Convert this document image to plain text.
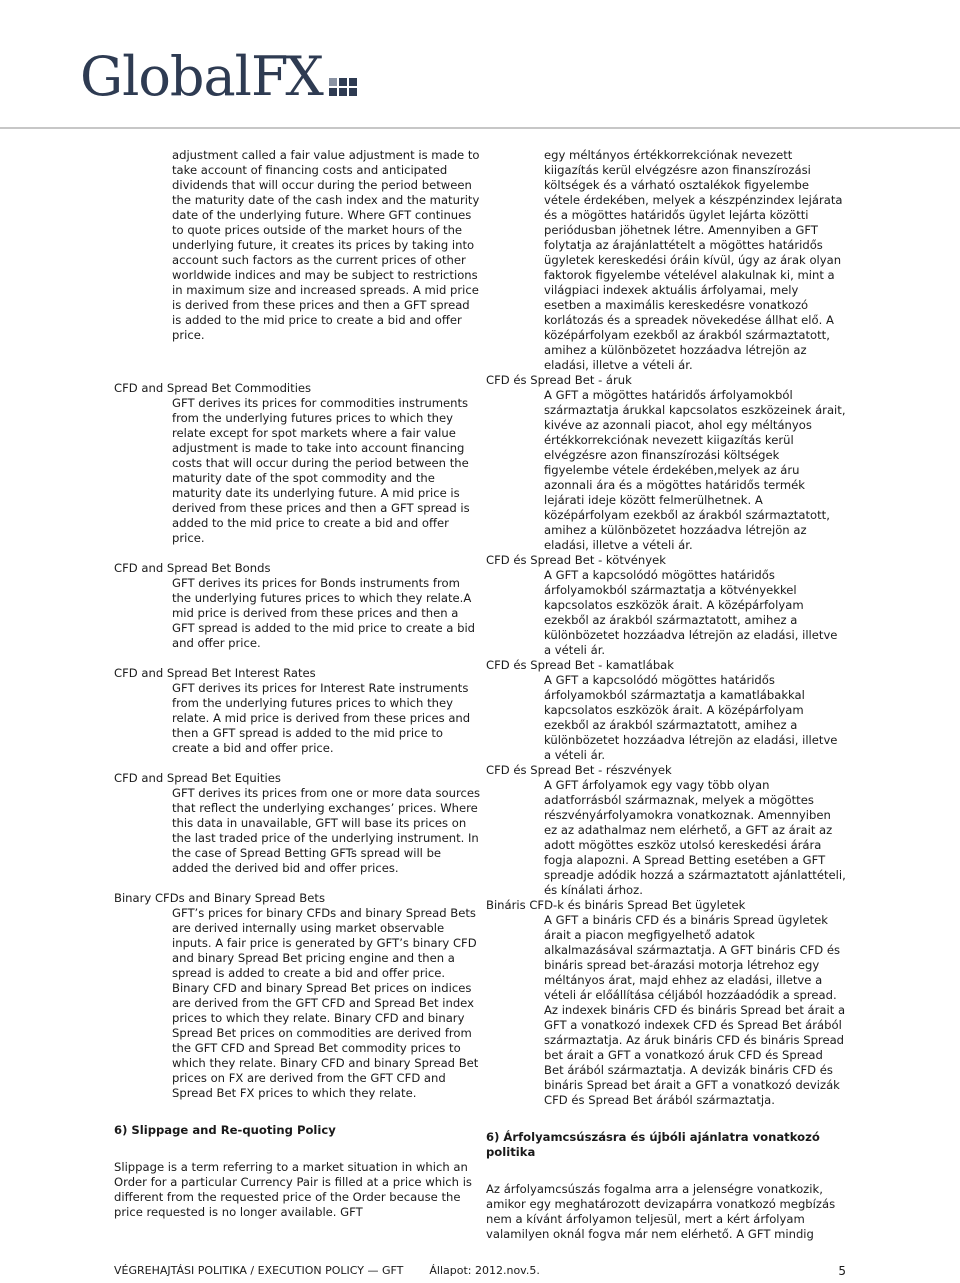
Global FX

adjustment called a fair value adjustment is made to take account of financing costs and anticipated dividends that will occur during the period between the maturity date of the cash index and the maturity date of the underlying future. Where GFT continues to quote prices outside of the market hours of the underlying future, it creates its prices by taking into account such factors as the current prices of other worldwide indices and may be subject to restrictions in maximum size and increased spreads. A mid price is derived from these prices and then a GFT spread is added to the mid price to create a bid and offer price.

CFD and Spread Bet Commodities

GFT derives its prices for commodities instruments from the underlying futures prices to which they relate except for spot markets where a fair value adjustment is made to take into account financing costs that will occur during the period between the maturity date of the spot commodity and the maturity date its underlying future. A mid price is derived from these prices and then a GFT spread is added to the mid price to create a bid and offer price.

CFD and Spread Bet Bonds

GFT derives its prices for Bonds instruments from the underlying futures prices to which they relate.A mid price is derived from these prices and then a GFT spread is added to the mid price to create a bid and offer price.

CFD and Spread Bet Interest Rates

GFT derives its prices for Interest Rate instruments from the underlying futures prices to which they relate. A mid price is derived from these prices and then a GFT spread is added to the mid price to create a bid and offer price.

CFD and Spread Bet Equities

GFT derives its prices from one or more data sources that reflect the underlying exchanges’ prices. Where this data in unavailable, GFT will base its prices on the last traded price of the underlying instrument. In the case of Spread Betting GFTs spread will be added the derived bid and offer prices.

Binary CFDs and Binary Spread Bets

GFT’s prices for binary CFDs and binary Spread Bets are derived internally using market observable inputs. A fair price is generated by GFT’s binary CFD and binary Spread Bet pricing engine and then a spread is added to create a bid and offer price. Binary CFD and binary Spread Bet prices on indices are derived from the GFT CFD and Spread Bet index prices to which they relate. Binary CFD and binary Spread Bet prices on commodities are derived from the GFT CFD and Spread Bet commodity prices to which they relate. Binary CFD and binary Spread Bet prices on FX are derived from the GFT CFD and Spread Bet FX prices to which they relate.

6) Slippage and Re-quoting Policy

Slippage is a term referring to a market situation in which an Order for a particular Currency Pair is filled at a price which is different from the requested price of the Order because the price requested is no longer available. GFT

egy méltányos értékkorrekciónak nevezett kiigazítás kerül elvégzésre azon finanszírozási költségek és a várható osztalékok figyelembe vétele érdekében, melyek a készpénzindex lejárata és a mögöttes határidős ügylet lejárta közötti periódusban jöhetnek létre. Amennyiben a GFT folytatja az árajánlattételt a mögöttes határidős ügyletek kereskedési óráin kívül, úgy az árak olyan faktorok figyelembe vételével alakulnak ki, mint a világpiaci indexek aktuális árfolyamai, mely esetben a maximális kereskedésre vonatkozó korlátozás és a spreadek növekedése állhat elő. A középárfolyam ezekből az árakból származtatott, amihez a különbözetet hozzáadva létrejön az eladási, illetve a vételi ár.

CFD és Spread Bet - áruk

A GFT a mögöttes határidős árfolyamokból származtatja árukkal kapcsolatos eszközeinek árait, kivéve az azonnali piacot, ahol egy méltányos értékkorrekciónak nevezett kiigazítás kerül elvégzésre azon finanszírozási költségek figyelembe vétele érdekében,melyek az áru azonnali ára és a mögöttes határidős termék lejárati ideje között felmerülhetnek. A középárfolyam ezekből az árakból származtatott, amihez a különbözetet hozzáadva létrejön az eladási, illetve a vételi ár.

CFD és Spread Bet - kötvények

A GFT a kapcsolódó mögöttes határidős árfolyamokból származtatja a kötvényekkel kapcsolatos eszközök árait. A középárfolyam ezekből az árakból származtatott, amihez a különbözetet hozzáadva létrejön az eladási, illetve a vételi ár.

CFD és Spread Bet - kamatlábak

A GFT a kapcsolódó mögöttes határidős árfolyamokból származtatja a kamatlábakkal kapcsolatos eszközök árait. A középárfolyam ezekből az árakból származtatott, amihez a különbözetet hozzáadva létrejön az eladási, illetve a vételi ár.

CFD és Spread Bet - részvények

A GFT árfolyamok egy vagy több olyan adatforrásból származnak, melyek a mögöttes részvényárfolyamokra vonatkoznak. Amennyiben ez az adathalmaz nem elérhető, a GFT az árait az adott mögöttes eszköz utolsó kereskedési árára fogja alapozni. A Spread Betting esetében a GFT spreadje adódik hozzá a származtatott ajánlattételi, és kínálati árhoz.

Bináris CFD-k és bináris Spread Bet ügyletek

A GFT a bináris CFD és a bináris Spread ügyletek árait a piacon megfigyelhető adatok alkalmazásával származtatja. A GFT bináris CFD és bináris spread bet-árazási motorja létrehoz egy méltányos árat, majd ehhez az eladási, illetve a vételi ár előállítása céljából hozzáadódik a spread. Az indexek bináris CFD és bináris Spread bet árait a GFT a vonatkozó indexek CFD és Spread Bet árából származtatja. Az áruk bináris CFD és bináris Spread bet árait a GFT a vonatkozó áruk CFD és Spread Bet árából származtatja. A devizák bináris CFD és bináris Spread bet árait a GFT a vonatkozó devizák CFD és Spread Bet árából származtatja.

6) Árfolyamcsúszásra és újbóli ajánlatra vonatkozó politika

Az árfolyamcsúszás fogalma arra a jelenségre vonatkozik, amikor egy meghatározott devizapárra vonatkozó megbízás nem a kívánt árfolyamon teljesül, mert a kért árfolyam valamilyen oknál fogva már nem elérhető. A GFT mindig

VÉGREHAJTÁSI POLITIKA / EXECUTION POLICY — GFT Állapot: 2012.nov.5.	5
